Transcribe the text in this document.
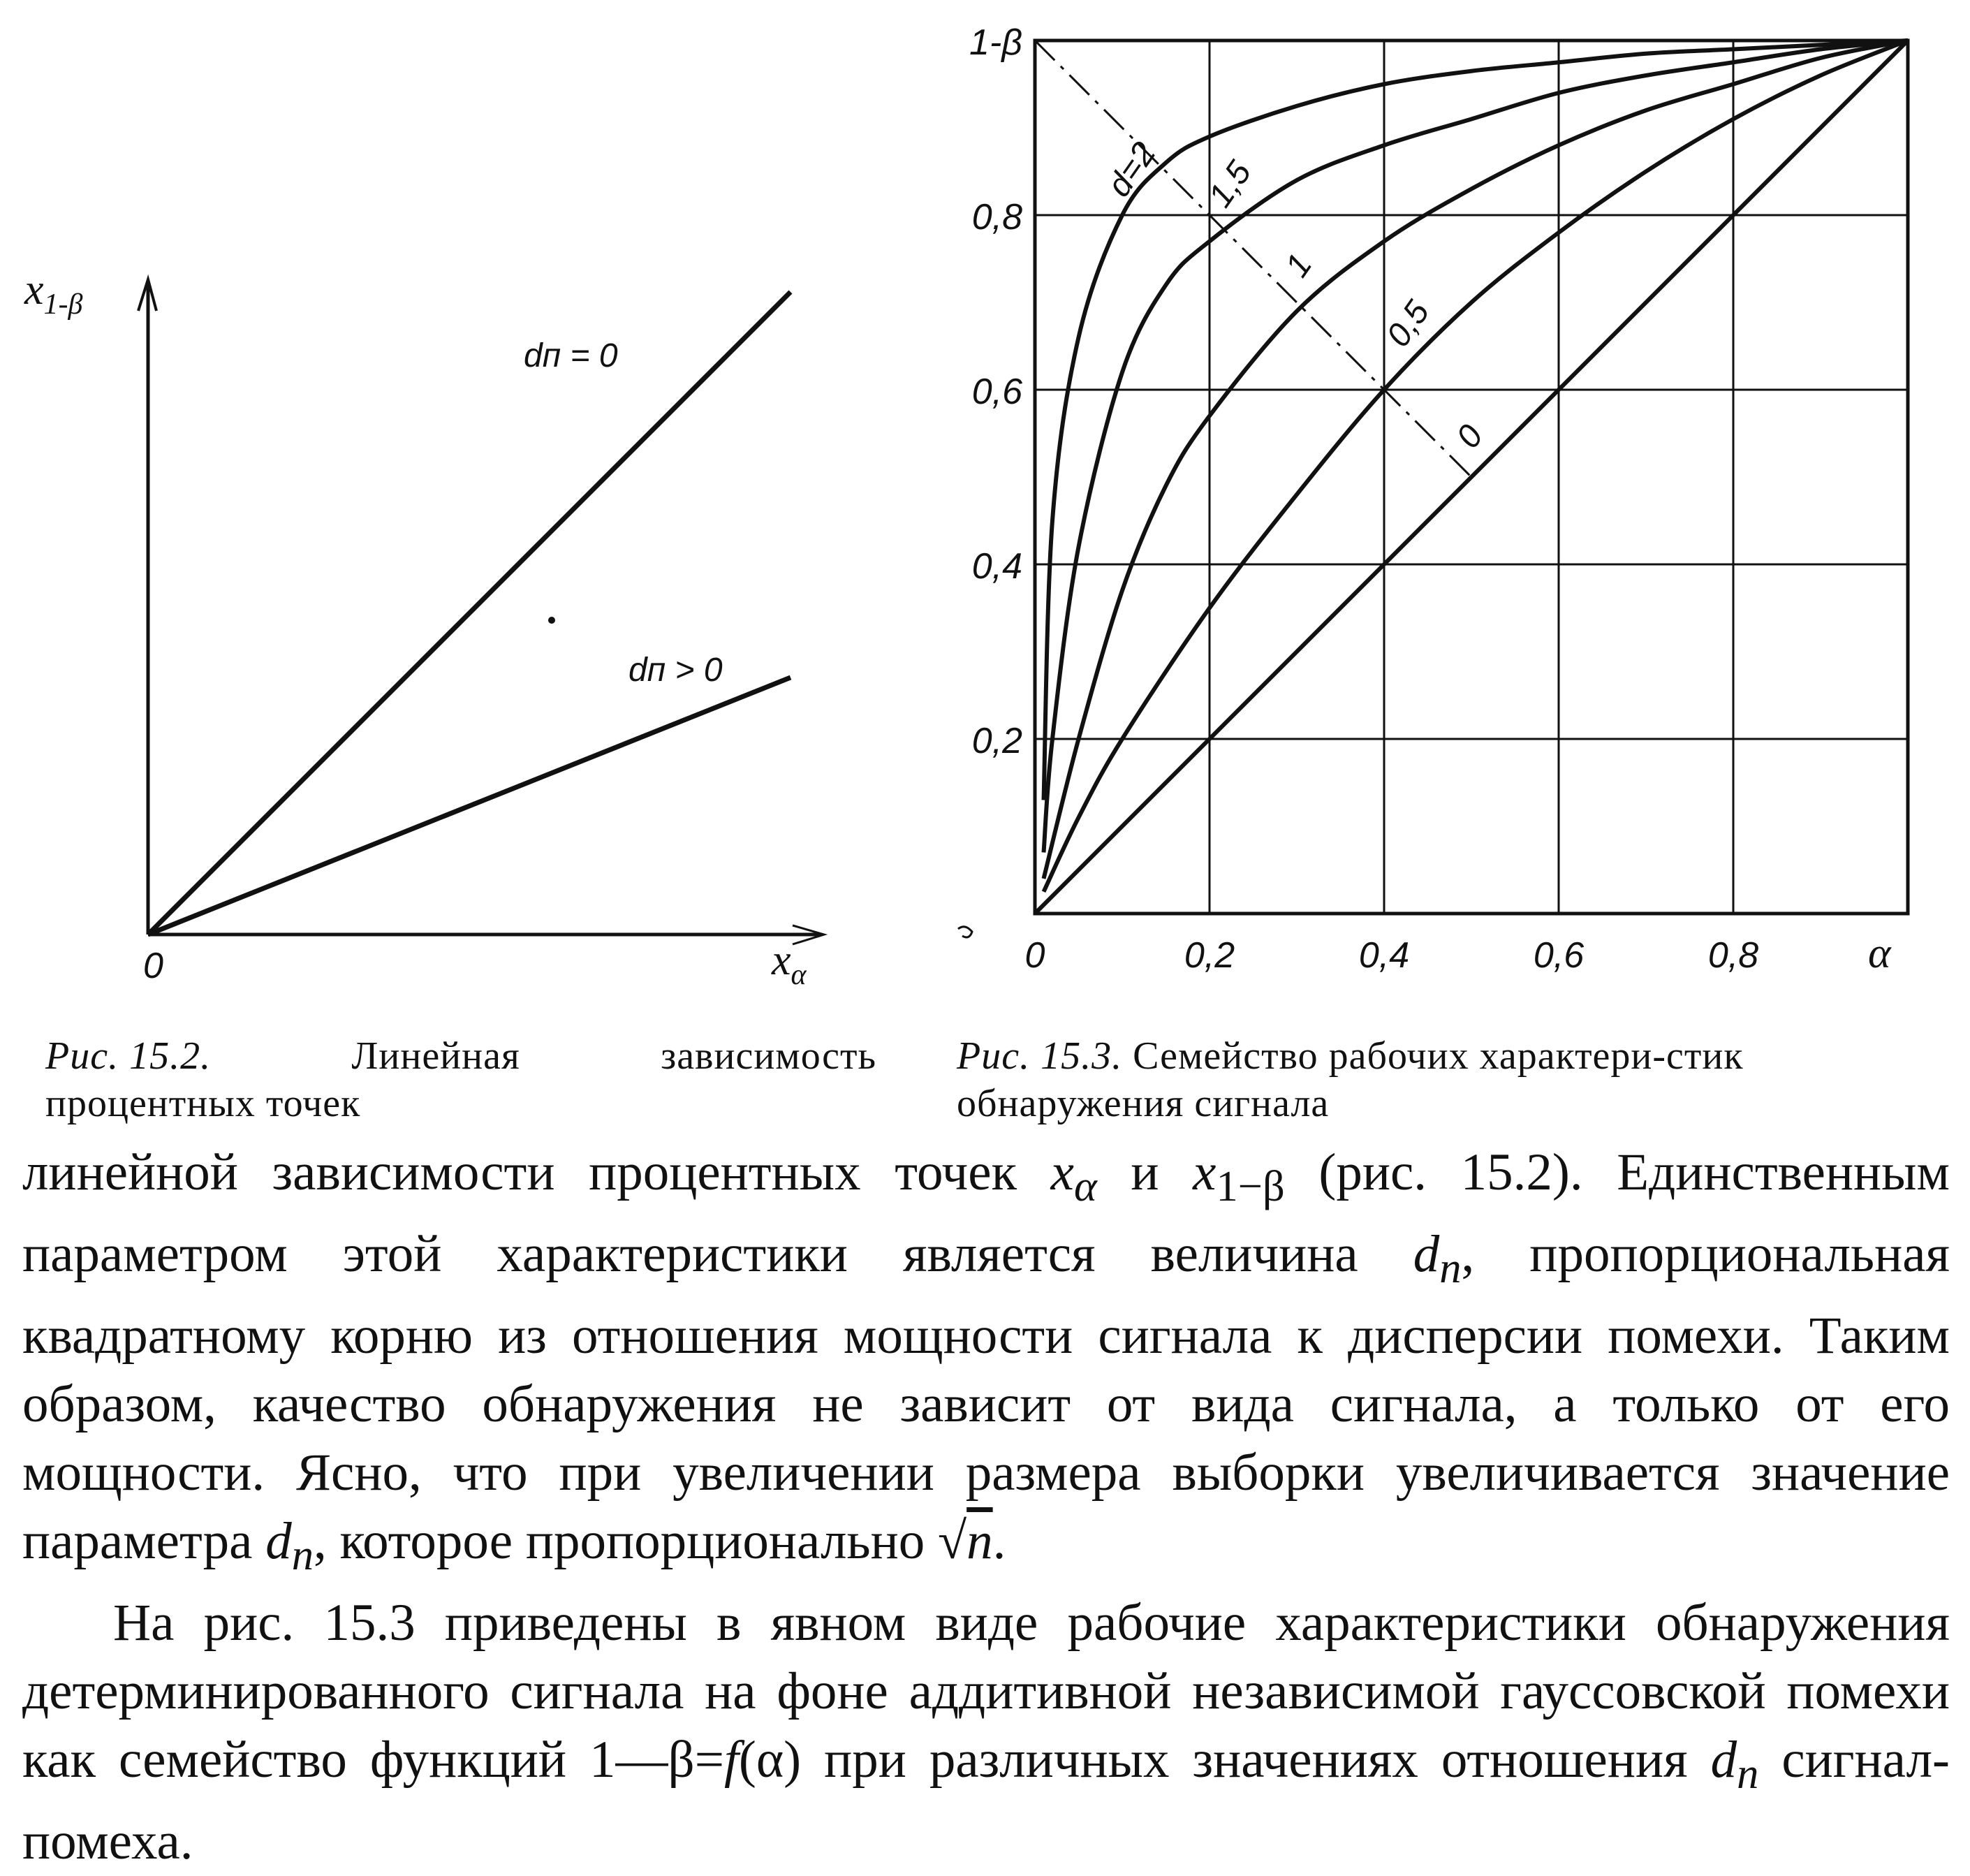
$x_{1-\beta}$
$x_\alpha$
0
dп = 0
dп > 0
0	0,2	0,4	0,6	0,8
0,2
0,4
0,6
0,8
1-β
d=2 1,5
1
0,5
0
α
Рис. 15.2.	Линейная	зависимость
процентных точек
Рис. 15.3. Семейство рабочих характери-стик обнаружения сигнала

линейной зависимости процентных точек $x_\alpha$ и $x_{1-\beta}$ (рис. 15.2). Единственным параметром этой характеристики является величина $d_n$, пропорциональная квадратному корню из отношения мощности сигнала к дисперсии помехи. Таким образом, качество обнаружения не зависит от вида сигнала, а только от его мощности. Ясно, что при увеличении размера выборки увеличивается значение параметра $d_n$, которое пропорционально √n.

На рис. 15.3 приведены в явном виде рабочие характеристики обнаружения детерминированного сигнала на фоне аддитивной независимой гауссовской помехи как семейство функций 1—β=f(α) при различных значениях отношения $d_n$ сигнал-помеха.
